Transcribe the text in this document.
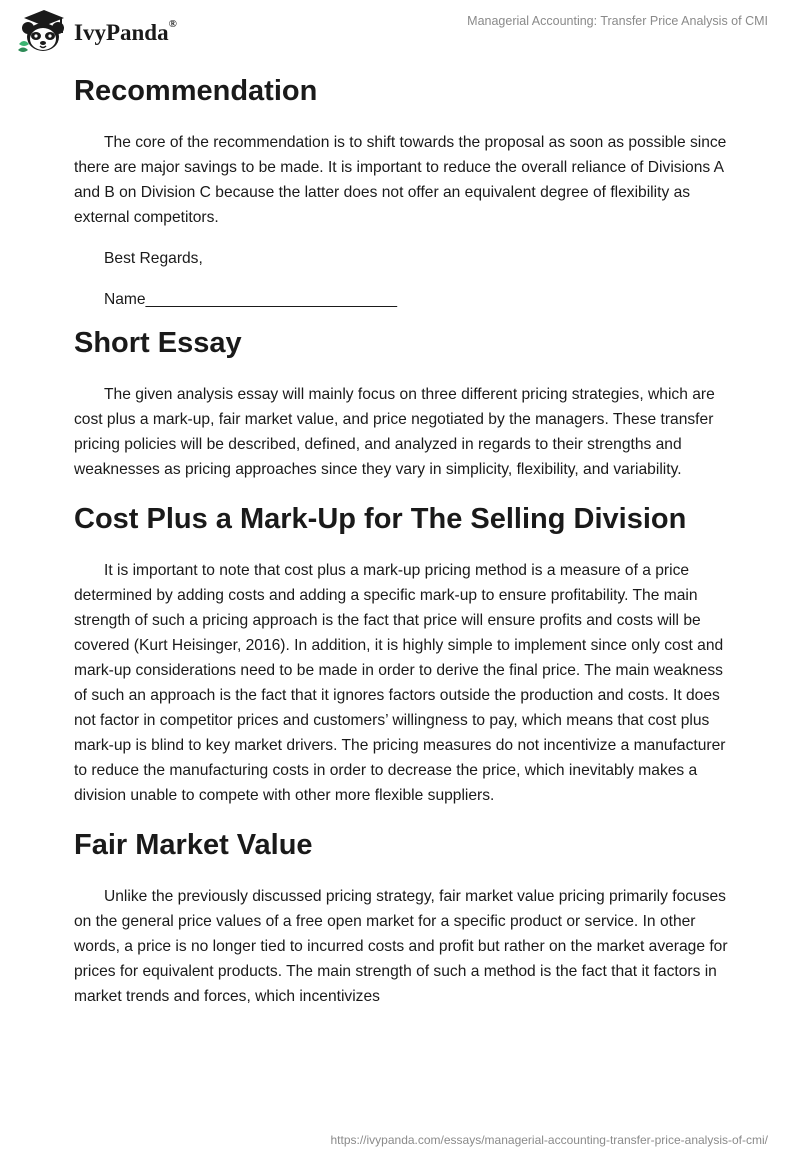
IvyPanda®	Managerial Accounting: Transfer Price Analysis of CMI
Recommendation

The core of the recommendation is to shift towards the proposal as soon as possible since there are major savings to be made. It is important to reduce the overall reliance of Divisions A and B on Division C because the latter does not offer an equivalent degree of flexibility as external competitors.

Best Regards,

Name_____________________________

Short Essay

The given analysis essay will mainly focus on three different pricing strategies, which are cost plus a mark-up, fair market value, and price negotiated by the managers. These transfer pricing policies will be described, defined, and analyzed in regards to their strengths and weaknesses as pricing approaches since they vary in simplicity, flexibility, and variability.

Cost Plus a Mark-Up for The Selling Division

It is important to note that cost plus a mark-up pricing method is a measure of a price determined by adding costs and adding a specific mark-up to ensure profitability. The main strength of such a pricing approach is the fact that price will ensure profits and costs will be covered (Kurt Heisinger, 2016). In addition, it is highly simple to implement since only cost and mark-up considerations need to be made in order to derive the final price. The main weakness of such an approach is the fact that it ignores factors outside the production and costs. It does not factor in competitor prices and customers’ willingness to pay, which means that cost plus mark-up is blind to key market drivers. The pricing measures do not incentivize a manufacturer to reduce the manufacturing costs in order to decrease the price, which inevitably makes a division unable to compete with other more flexible suppliers.

Fair Market Value

Unlike the previously discussed pricing strategy, fair market value pricing primarily focuses on the general price values of a free open market for a specific product or service. In other words, a price is no longer tied to incurred costs and profit but rather on the market average for prices for equivalent products. The main strength of such a method is the fact that it factors in market trends and forces, which incentivizes

https://ivypanda.com/essays/managerial-accounting-transfer-price-analysis-of-cmi/
